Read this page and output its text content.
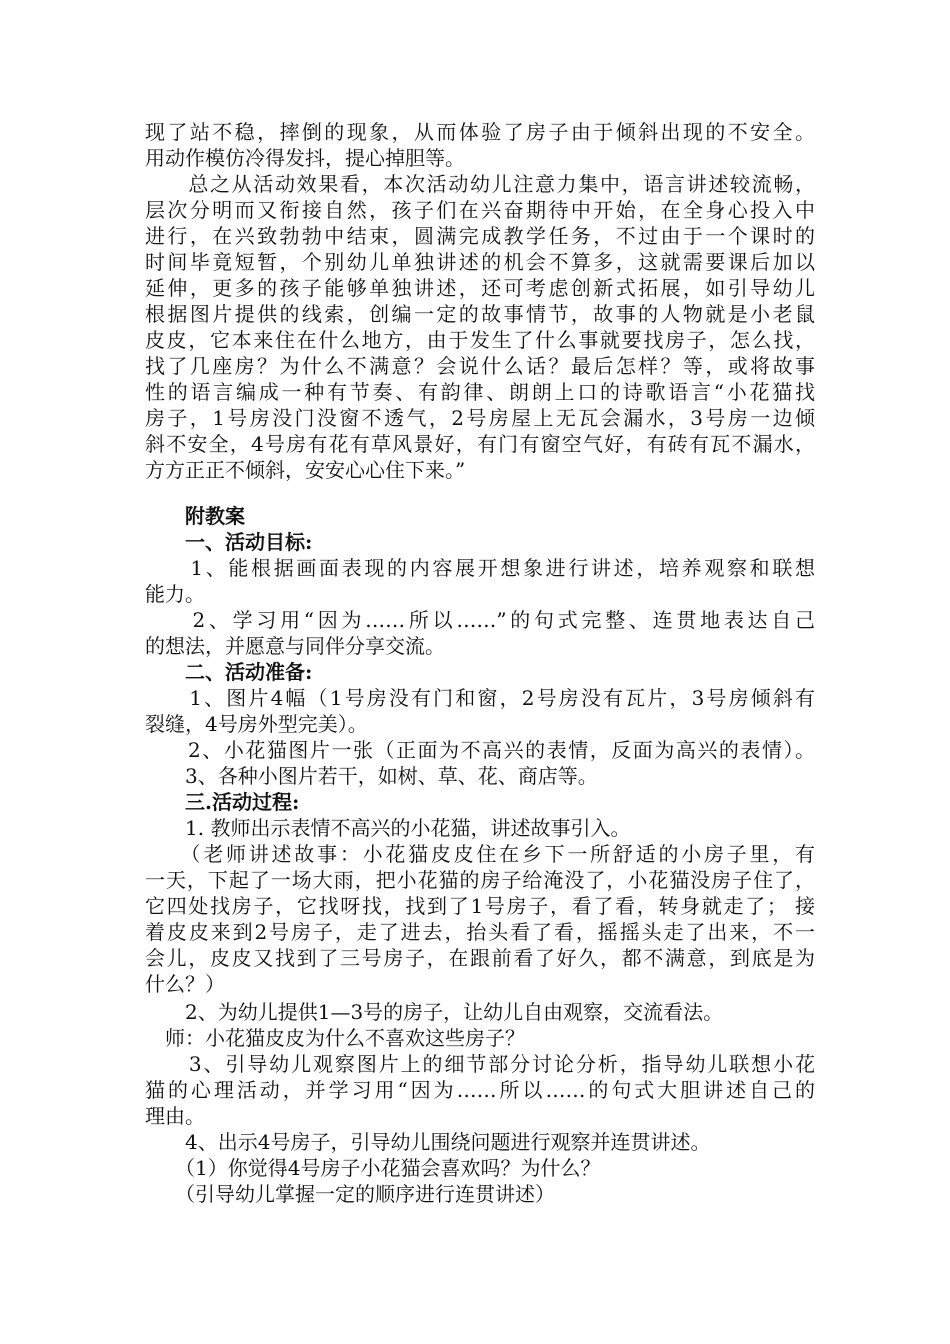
现了站不稳，摔倒的现象，从而体验了房子由于倾斜出现的不安全。
用动作模仿冷得发抖，提心掉胆等。
　　总之从活动效果看，本次活动幼儿注意力集中，语言讲述较流畅，
层次分明而又衔接自然，孩子们在兴奋期待中开始，在全身心投入中
进行，在兴致勃勃中结束，圆满完成教学任务，不过由于一个课时的
时间毕竟短暂，个别幼儿单独讲述的机会不算多，这就需要课后加以
延伸，更多的孩子能够单独讲述，还可考虑创新式拓展，如引导幼儿
根据图片提供的线索，创编一定的故事情节，故事的人物就是小老鼠
皮皮，它本来住在什么地方，由于发生了什么事就要找房子，怎么找，
找了几座房？为什么不满意？会说什么话？最后怎样？等，或将故事
性的语言编成一种有节奏、有韵律、朗朗上口的诗歌语言“小花猫找
房子，1号房没门没窗不透气，2号房屋上无瓦会漏水，3号房一边倾
斜不安全，4号房有花有草风景好，有门有窗空气好，有砖有瓦不漏水，
方方正正不倾斜，安安心心住下来。”
　　附教案
　　一、活动目标:
　　1、能根据画面表现的内容展开想象进行讲述，培养观察和联想
能力。
　　2、学习用“因为……所以……”的句式完整、连贯地表达自己
的想法，并愿意与同伴分享交流。
　　二、活动准备:
　　1、图片4幅（1号房没有门和窗，2号房没有瓦片，3号房倾斜有
裂缝，4号房外型完美）。
　　2、小花猫图片一张（正面为不高兴的表情，反面为高兴的表情）。
　　3、各种小图片若干，如树、草、花、商店等。
　　三.活动过程:
　　1. 教师出示表情不高兴的小花猫，讲述故事引入。
　　（老师讲述故事：小花猫皮皮住在乡下一所舒适的小房子里，有
一天，下起了一场大雨，把小花猫的房子给淹没了，小花猫没房子住了，
它四处找房子，它找呀找，找到了1号房子，看了看，转身就走了； 接
着皮皮来到2号房子，走了进去，抬头看了看，摇摇头走了出来，不一
会儿，皮皮又找到了三号房子，在跟前看了好久，都不满意，到底是为
什么？）
　　2、为幼儿提供1—3号的房子，让幼儿自由观察，交流看法。
　师：小花猫皮皮为什么不喜欢这些房子？
　　3、引导幼儿观察图片上的细节部分讨论分析，指导幼儿联想小花
猫的心理活动，并学习用“因为……所以……的句式大胆讲述自己的
理由。
　　4、出示4号房子，引导幼儿围绕问题进行观察并连贯讲述。
　　（1）你觉得4号房子小花猫会喜欢吗？为什么？
　　（引导幼儿掌握一定的顺序进行连贯讲述）
